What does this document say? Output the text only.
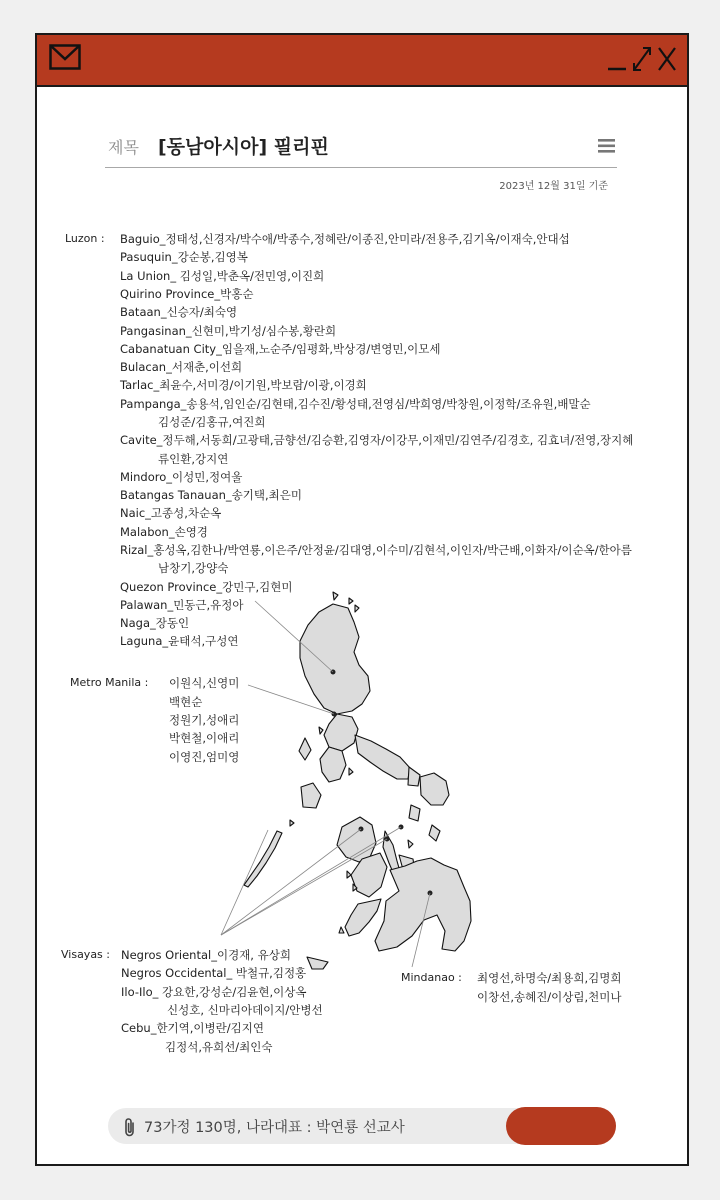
제목 [동남아시아] 필리핀
2023년 12월 31일 기준
Luzon : Baguio_정태성,신경자/박수애/박종수,정혜란/이종진,안미라/전용주,김기옥/이재숙,안대섭
Pasuquin_강순봉,김영복
La Union_ 김성일,박춘옥/전민영,이진희
Quirino Province_박홍순
Bataan_신승자/최숙영
Pangasinan_신현미,박기성/심수봉,황란희
Cabanatuan City_임을재,노순주/임평화,박상경/변영민,이모세
Bulacan_서재춘,이선희
Tarlac_최윤수,서미경/이기원,박보람/이광,이경희
Pampanga_송용석,임인순/김현태,김수진/황성태,전영심/박희영/박창원,이정학/조유원,배말순
김성준/김홍규,여진희
Cavite_정두해,서동희/고광태,금향선/김승환,김영자/이강무,이재민/김연주/김경호, 김효녀/전영,장지혜
류인환,강지연
Mindoro_이성민,정여울
Batangas Tanauan_송기택,최은미
Naic_고종성,차순옥
Malabon_손영경
Rizal_홍성옥,김한나/박연룡,이은주/안정윤/김대영,이수미/김현석,이인자/박근배,이화자/이순옥/한아름
남창기,강양숙
Quezon Province_강민구,김현미
Palawan_민동근,유정아
Naga_장동인
Laguna_윤태석,구성연
Metro Manila : 이원식,신영미
백현순
정원기,성애리
박현철,이애리
이영진,엄미영
Visayas : Negros Oriental_이경재, 유상희
Negros Occidental_ 박철규,김정홍
Ilo-Ilo_ 강요한,강성순/김윤현,이상옥
신성호, 신마리아데이지/안병선
Cebu_한기역,이병란/김지연
김정석,유희선/최인숙
Mindanao : 최영선,하명숙/최용희,김명희
이창선,송혜진/이상림,천미나
73가정 130명, 나라대표 : 박연룡 선교사
